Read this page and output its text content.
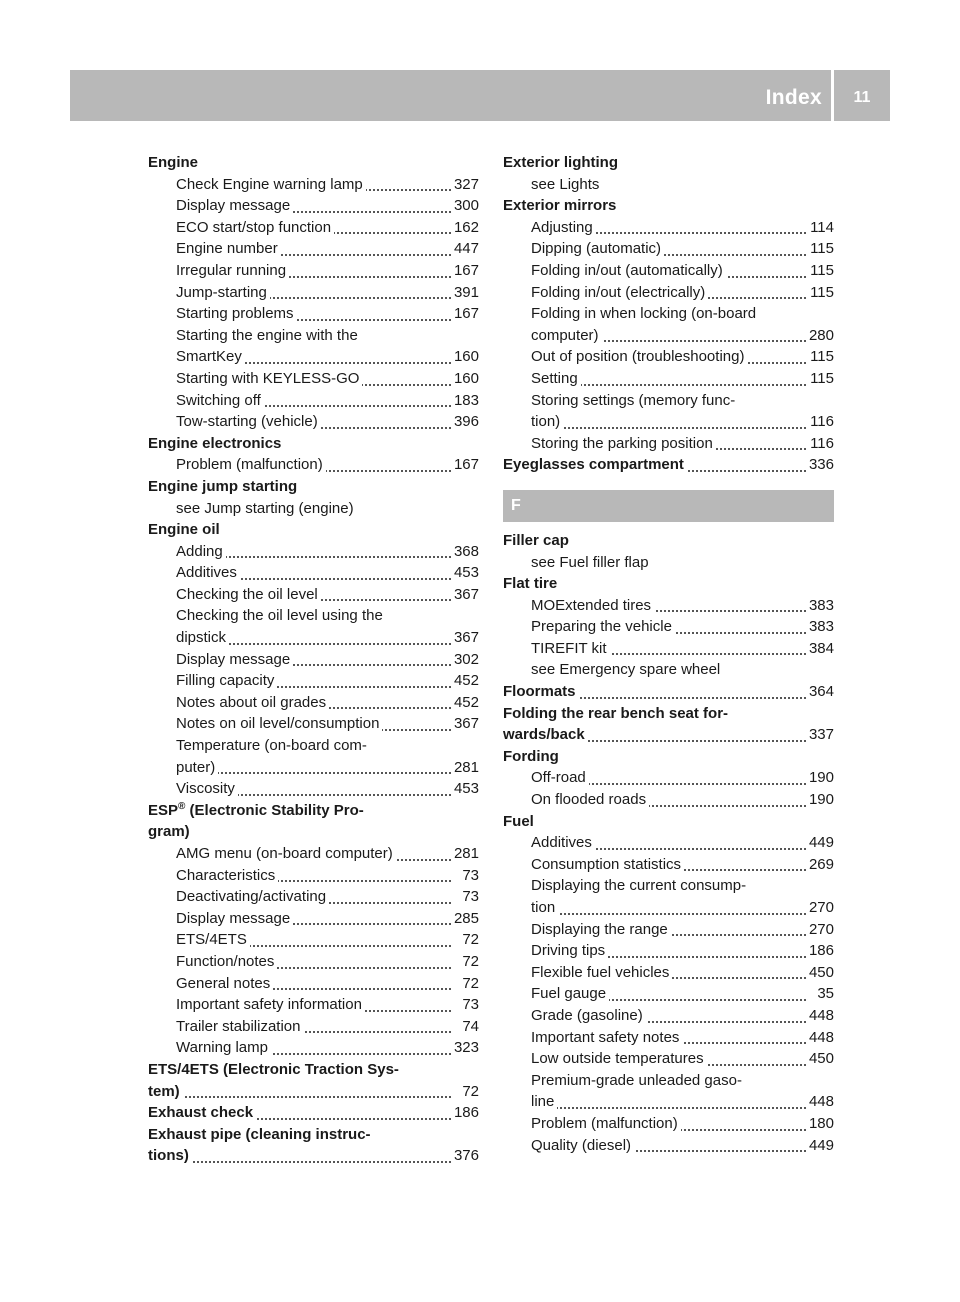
Index	11
Engine
Check Engine warning lamp	327
Display message	300
ECO start/stop function	162
Engine number	447
Irregular running	167
Jump-starting	391
Starting problems	167
Starting the engine with the
SmartKey	160
Starting with KEYLESS-GO	160
Switching off	183
Tow-starting (vehicle)	396
Engine electronics
Problem (malfunction)	167
Engine jump starting
see Jump starting (engine)
Engine oil
Adding	368
Additives	453
Checking the oil level	367
Checking the oil level using the
dipstick	367
Display message	302
Filling capacity	452
Notes about oil grades	452
Notes on oil level/consumption	367
Temperature (on-board com-
puter)	281
Viscosity	453
ESP® (Electronic Stability Pro-
gram)
AMG menu (on-board computer)	281
Characteristics	73
Deactivating/activating	73
Display message	285
ETS/4ETS	72
Function/notes	72
General notes	72
Important safety information	73
Trailer stabilization	74
Warning lamp	323
ETS/4ETS (Electronic Traction Sys-
tem)	72
Exhaust check	186
Exhaust pipe (cleaning instruc-
tions)	376
Exterior lighting
see Lights
Exterior mirrors
Adjusting	114
Dipping (automatic)	115
Folding in/out (automatically)	115
Folding in/out (electrically)	115
Folding in when locking (on-board
computer)	280
Out of position (troubleshooting)	115
Setting	115
Storing settings (memory func-
tion)	116
Storing the parking position	116
Eyeglasses compartment	336
F
Filler cap
see Fuel filler flap
Flat tire
MOExtended tires	383
Preparing the vehicle	383
TIREFIT kit	384
see Emergency spare wheel
Floormats	364
Folding the rear bench seat for-
wards/back	337
Fording
Off-road	190
On flooded roads	190
Fuel
Additives	449
Consumption statistics	269
Displaying the current consump-
tion	270
Displaying the range	270
Driving tips	186
Flexible fuel vehicles	450
Fuel gauge	35
Grade (gasoline)	448
Important safety notes	448
Low outside temperatures	450
Premium-grade unleaded gaso-
line	448
Problem (malfunction)	180
Quality (diesel)	449
